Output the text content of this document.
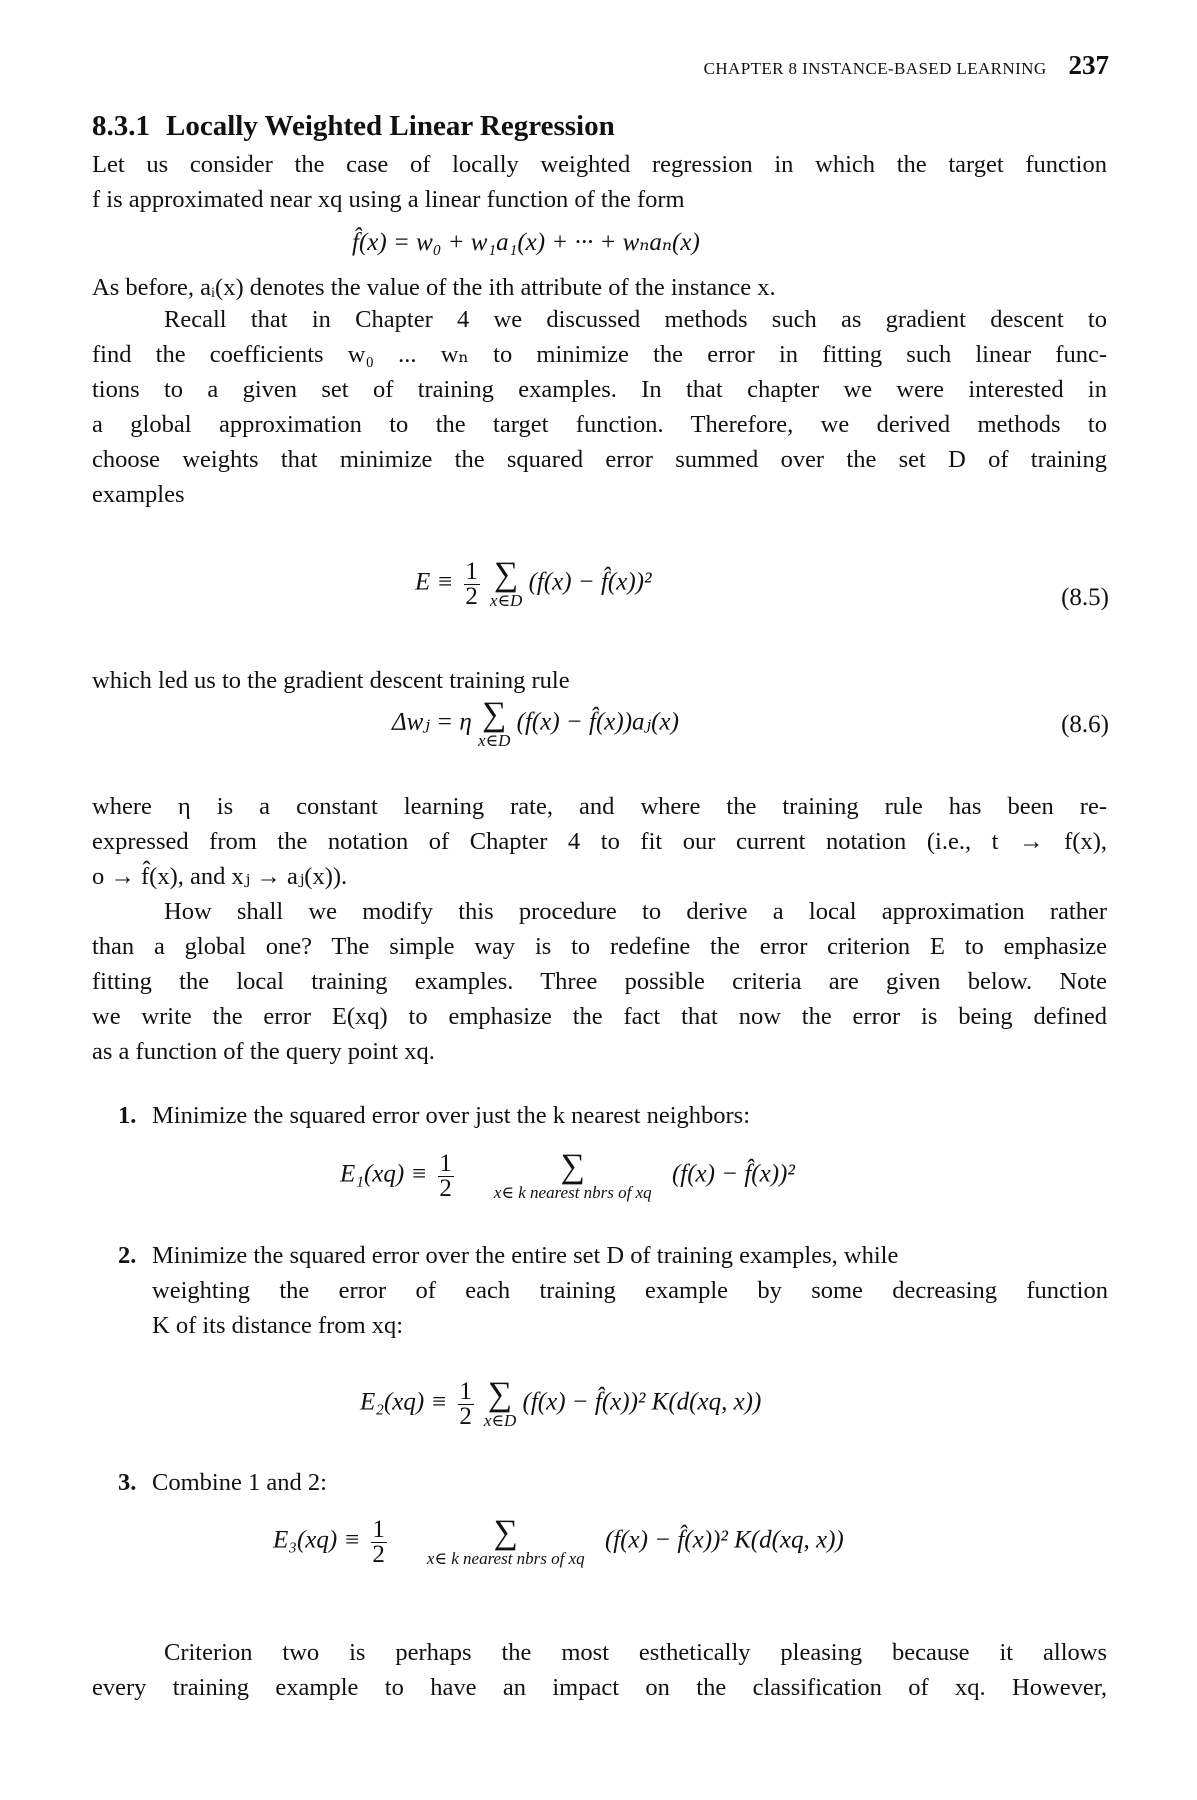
CHAPTER 8 INSTANCE-BASED LEARNING 237
8.3.1 Locally Weighted Linear Regression
Let us consider the case of locally weighted regression in which the target function
f is approximated near xq using a linear function of the form
f̂(x) = w₀ + w₁a₁(x) + ··· + wₙaₙ(x)
As before, aᵢ(x) denotes the value of the ith attribute of the instance x.
Recall that in Chapter 4 we discussed methods such as gradient descent to
find the coefficients w₀ ... wₙ to minimize the error in fitting such linear func-
tions to a given set of training examples. In that chapter we were interested in
a global approximation to the target function. Therefore, we derived methods to
choose weights that minimize the squared error summed over the set D of training
examples
$E \equiv \frac{1}{2}$
∑
x∈D
(f(x) − f̂(x))²
(8.5)
which led us to the gradient descent training rule
Δwⱼ = η ∑
x∈D
(f(x) − f̂(x))aⱼ(x)	(8.6)
where η is a constant learning rate, and where the training rule has been re-
expressed from the notation of Chapter 4 to fit our current notation (i.e., t → f(x),
o → f̂(x), and xⱼ → aⱼ(x)).
How shall we modify this procedure to derive a local approximation rather
than a global one? The simple way is to redefine the error criterion E to emphasize
fitting the local training examples. Three possible criteria are given below. Note
we write the error E(xq) to emphasize the fact that now the error is being defined
as a function of the query point xq.
1. Minimize the squared error over just the k nearest neighbors:
$E_1(xq) \equiv \frac{1}{2}$
	∑
x∈ k nearest nbrs of xq
(f(x) − f̂(x))²
2. Minimize the squared error over the entire set D of training examples, while
weighting the error of each training example by some decreasing function
K of its distance from xq:
$E_2(xq) \equiv \frac{1}{2}$
∑
x∈D
(f(x) − f̂(x))² K(d(xq, x))
3. Combine 1 and 2:
$E_3(xq) \equiv \frac{1}{2}$
	∑
x∈ k nearest nbrs of xq
(f(x) − f̂(x))² K(d(xq, x))
Criterion two is perhaps the most esthetically pleasing because it allows
every training example to have an impact on the classification of xq. However,
